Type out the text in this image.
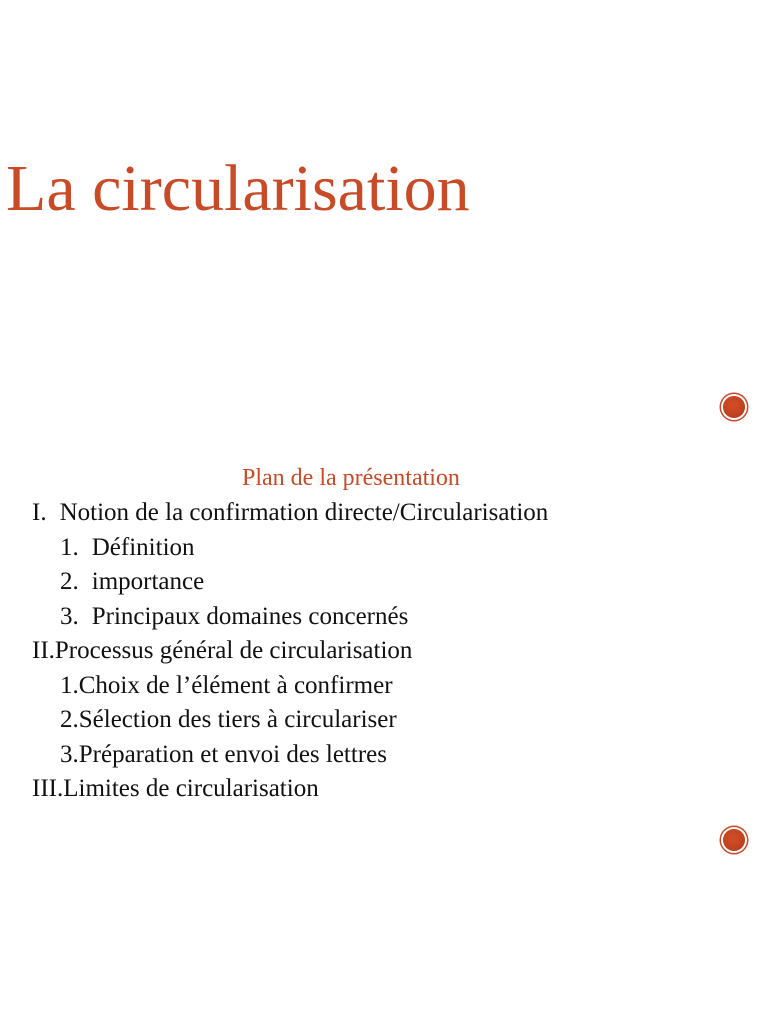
La circularisation
Plan de la présentation
I. Notion de la confirmation directe/Circularisation
1. Définition
2. importance
3. Principaux domaines concernés
II.Processus général de circularisation
1.Choix de l’élément à confirmer
2.Sélection des tiers à circulariser
3.Préparation et envoi des lettres
III.Limites de circularisation
